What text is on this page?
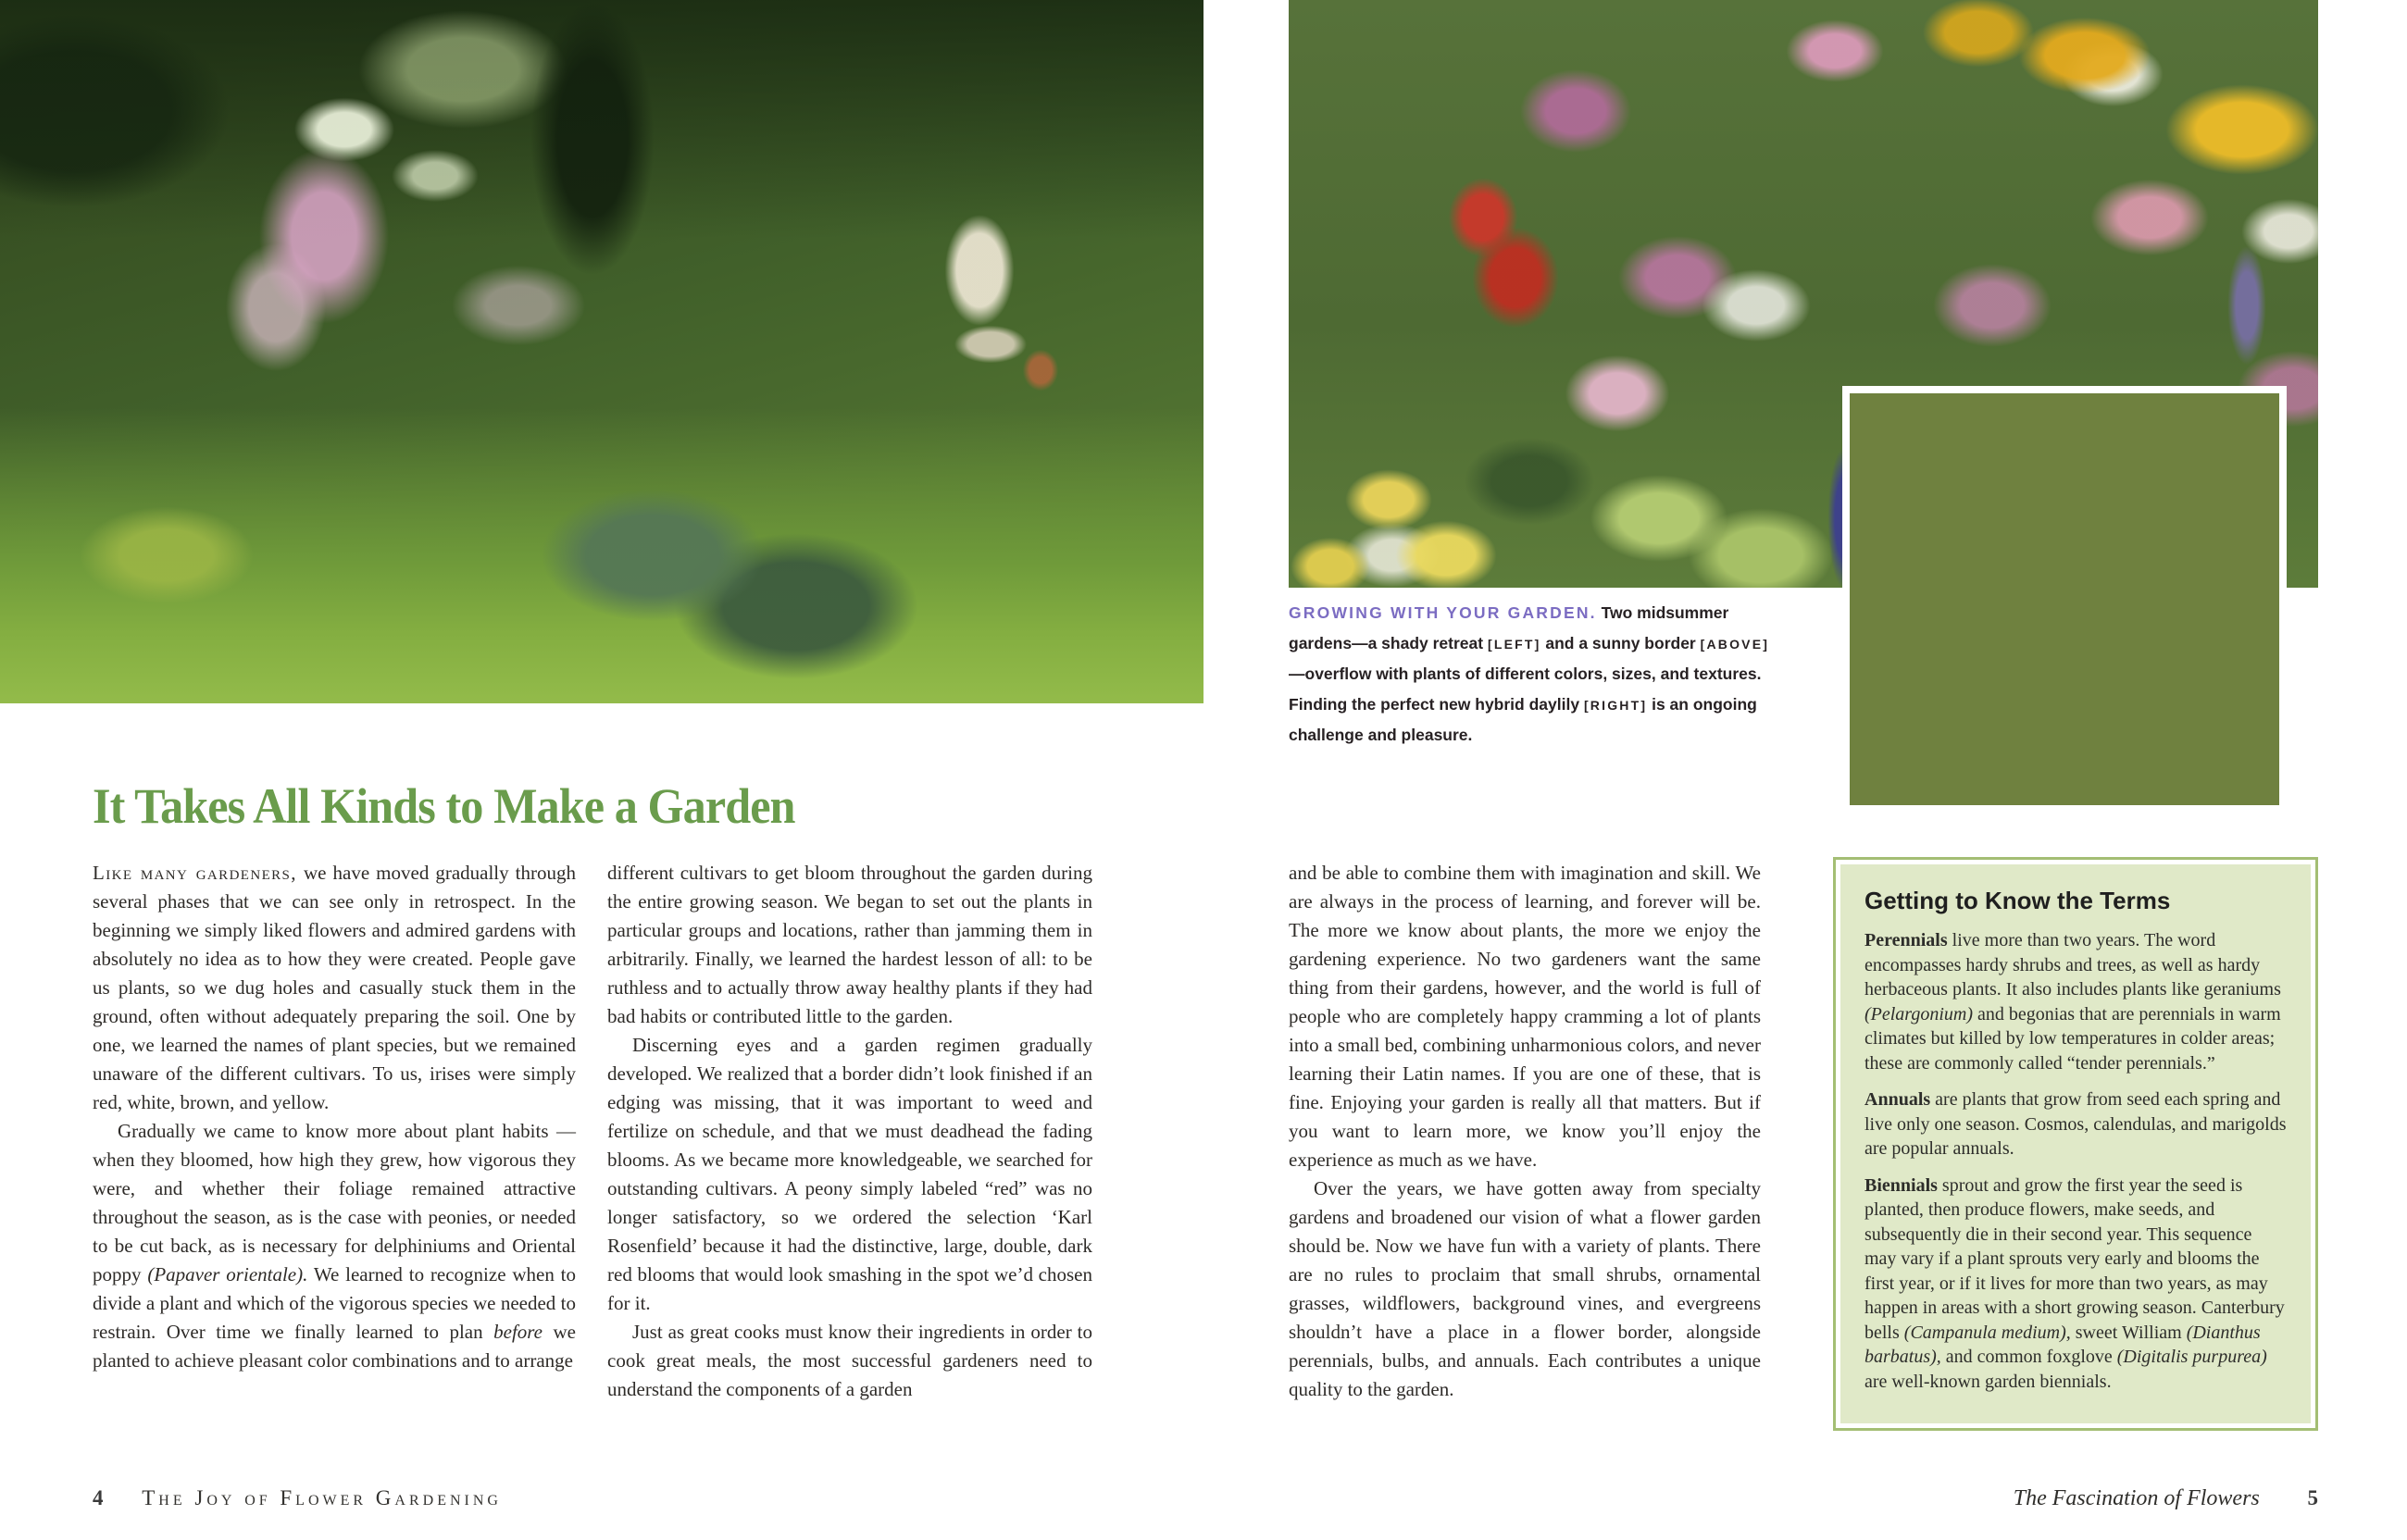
It Takes All Kinds to Make a Garden

Like many gardeners, we have moved gradually through several phases that we can see only in retrospect. In the beginning we simply liked flowers and admired gardens with absolutely no idea as to how they were created. People gave us plants, so we dug holes and casually stuck them in the ground, often without adequately preparing the soil. One by one, we learned the names of plant species, but we remained unaware of the different cultivars. To us, irises were simply red, white, brown, and yellow.

Gradually we came to know more about plant habits —when they bloomed, how high they grew, how vigorous they were, and whether their foliage remained attractive throughout the season, as is the case with peonies, or needed to be cut back, as is necessary for delphiniums and Oriental poppy (Papaver orientale). We learned to recognize when to divide a plant and which of the vigorous species we needed to restrain. Over time we finally learned to plan before we planted to achieve pleasant color combinations and to arrange

different cultivars to get bloom throughout the garden during the entire growing season. We began to set out the plants in particular groups and locations, rather than jamming them in arbitrarily. Finally, we learned the hardest lesson of all: to be ruthless and to actually throw away healthy plants if they had bad habits or contributed little to the garden.

Discerning eyes and a garden regimen gradually developed. We realized that a border didn’t look finished if an edging was missing, that it was important to weed and fertilize on schedule, and that we must deadhead the fading blooms. As we became more knowledgeable, we searched for outstanding cultivars. A peony simply labeled “red” was no longer satisfactory, so we ordered the selection ‘Karl Rosenfield’ because it had the distinctive, large, double, dark red blooms that would look smashing in the spot we’d chosen for it.

Just as great cooks must know their ingredients in order to cook great meals, the most successful gardeners need to understand the components of a garden

4 The Joy of Flower Gardening
GROWING WITH YOUR GARDEN. Two midsummer gardens—a shady retreat [LEFT] and a sunny border [ABOVE]—overflow with plants of different colors, sizes, and textures. Finding the perfect new hybrid daylily [RIGHT] is an ongoing challenge and pleasure.

and be able to combine them with imagination and skill. We are always in the process of learning, and forever will be. The more we know about plants, the more we enjoy the gardening experience. No two gardeners want the same thing from their gardens, however, and the world is full of people who are completely happy cramming a lot of plants into a small bed, combining unharmonious colors, and never learning their Latin names. If you are one of these, that is fine. Enjoying your garden is really all that matters. But if you want to learn more, we know you’ll enjoy the experience as much as we have.

Over the years, we have gotten away from specialty gardens and broadened our vision of what a flower garden should be. Now we have fun with a variety of plants. There are no rules to proclaim that small shrubs, ornamental grasses, wildflowers, background vines, and evergreens shouldn’t have a place in a flower border, alongside perennials, bulbs, and annuals. Each contributes a unique quality to the garden.

Getting to Know the Terms

Perennials live more than two years. The word encompasses hardy shrubs and trees, as well as hardy herbaceous plants. It also includes plants like geraniums (Pelargonium) and begonias that are perennials in warm climates but killed by low temperatures in colder areas; these are commonly called “tender perennials.”

Annuals are plants that grow from seed each spring and live only one season. Cosmos, calendulas, and marigolds are popular annuals.

Biennials sprout and grow the first year the seed is planted, then produce flowers, make seeds, and subsequently die in their second year. This sequence may vary if a plant sprouts very early and blooms the first year, or if it lives for more than two years, as may happen in areas with a short growing season. Canterbury bells (Campanula medium), sweet William (Dianthus barbatus), and common foxglove (Digitalis purpurea) are well-known garden biennials.

The Fascination of Flowers 5
